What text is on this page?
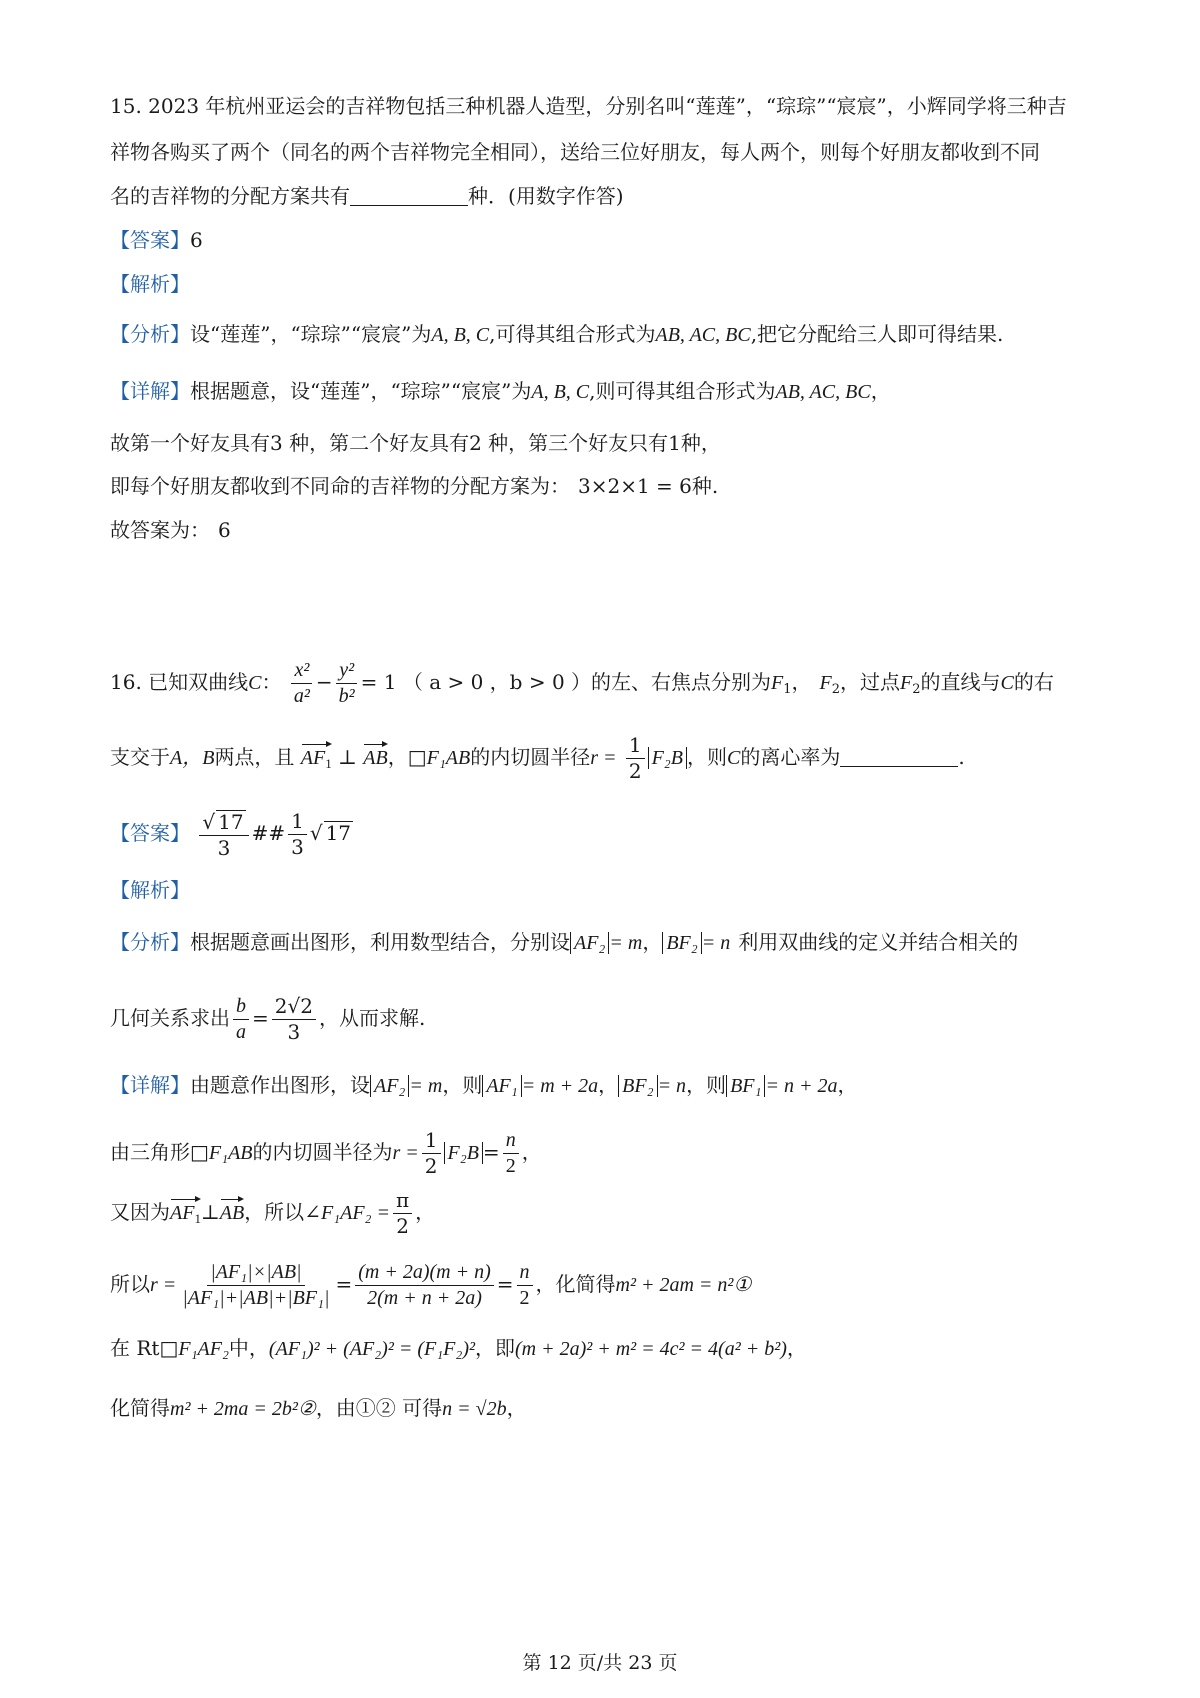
15. 2023 年杭州亚运会的吉祥物包括三种机器人造型，分别名叫“莲莲”，“琮琮”“宸宸”，小辉同学将三种吉
祥物各购买了两个（同名的两个吉祥物完全相同），送给三位好朋友，每人两个，则每个好朋友都收到不同
名的吉祥物的分配方案共有	种．(用数字作答)
【答案】6
【解析】
【分析】设“莲莲”，“琮琮”“宸宸”为A, B, C,可得其组合形式为AB, AC, BC,把它分配给三人即可得结果.
【详解】根据题意，设“莲莲”，“琮琮”“宸宸”为A, B, C,则可得其组合形式为AB, AC, BC，
故第一个好友具有3 种，第二个好友具有2 种，第三个好友只有1种，
即每个好朋友都收到不同命的吉祥物的分配方案为： 3×2×1 = 6种.
故答案为： 6
16. 已知双曲线C： $\frac{\text{x²}}{\text{a²}} - \frac{\text{y²}}{\text{b²}} = 1$ （ a > 0 ，b > 0 ）的左、右焦点分别为$F_1$， $F_2$，过点$F_2$的直线与C的右
支交于A，B两点，且 $AF_1$ ⊥ AB，□F₁AB的内切圆半径$r = \frac{1}{2} F_2B$ ，则C的离心率为	.
【答案】 $\frac{√ 17}{3}$ ## $\frac{1}{3}$ √ 17
【解析】
【分析】根据题意画出图形，利用数型结合，分别设 AF₂ = m， BF₂ = n 利用双曲线的定义并结合相关的
几何关系求出 $\frac{b}{a} = \frac{2√2}{3}$ ，从而求解.
【详解】由题意作出图形，设 AF₂ = m，则 AF₁ = m + 2a， BF₂ = n，则 BF₁ = n + 2a，
由三角形□F₁AB的内切圆半径为$r = \frac{1}{2} F_2B = \frac{n}{2}$ ，
又因为$AF_1\perp AB$，所以∠F₁AF₂ = $\frac{\pi}{2}$ ，
所以$r = \frac{\text{|AF₁|×|AB|}}{\text{|AF₁|+|AB|+|BF₁|}} = \frac{(m + 2a)(m + n)}{2(m + n + 2a)} = \frac{n}{2}$ ，化简得m² + 2am = n²①
在 Rt□F₁AF₂中，(AF₁)² + (AF₂)² = (F₁F₂)²，即(m + 2a)² + m² = 4c² = 4(a² + b²)，
化简得m² + 2ma = 2b²②，由①② 可得n = √2b，
第 12 页/共 23 页
